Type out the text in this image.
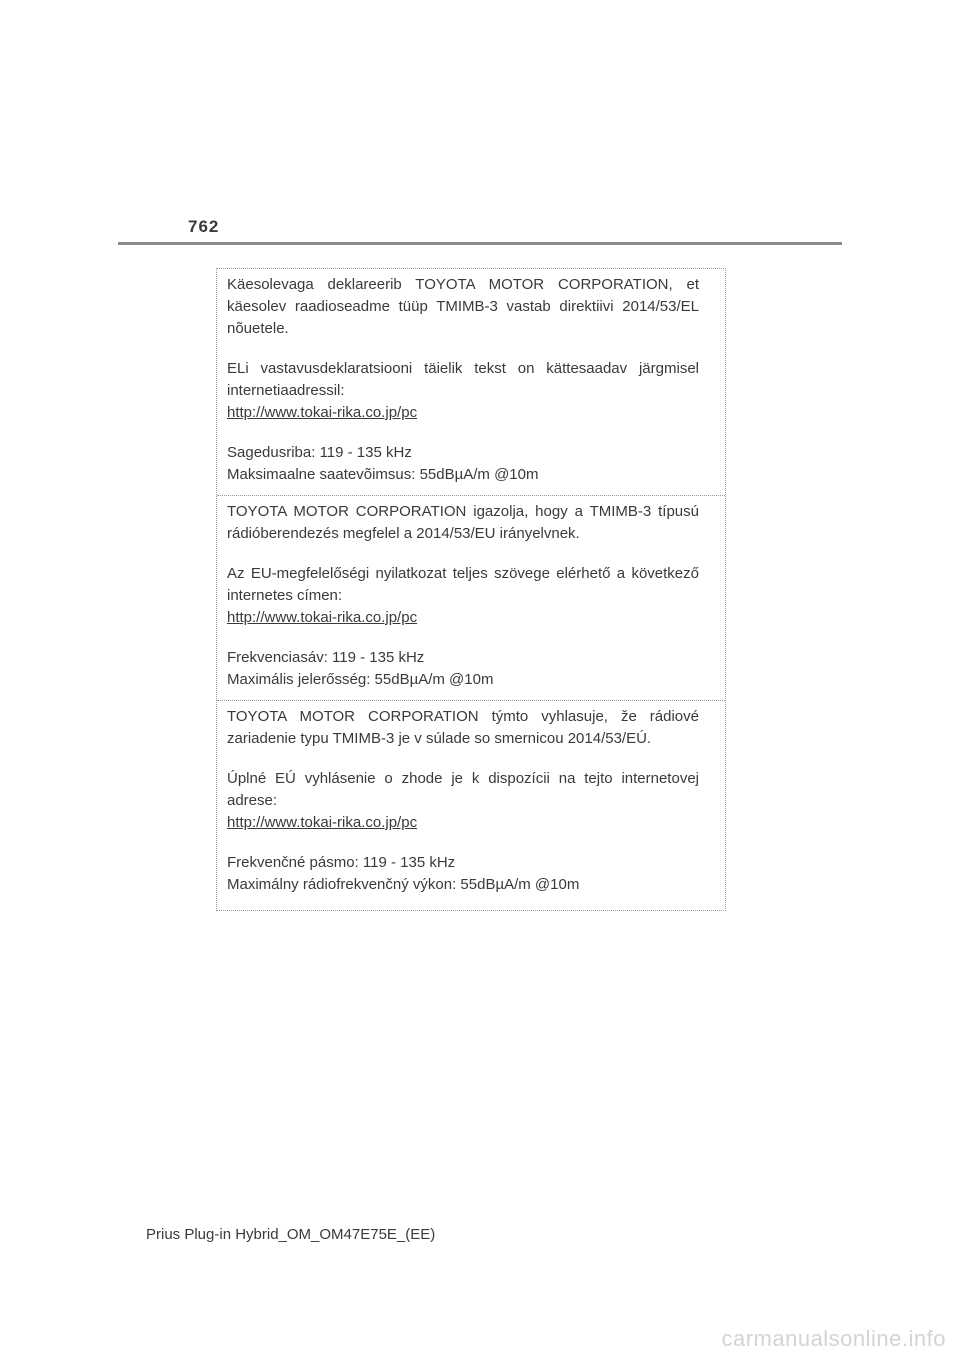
762

Käesolevaga deklareerib TOYOTA MOTOR CORPORATION, et käesolev raadioseadme tüüp TMIMB-3 vastab direktiivi 2014/53/EL nõuetele.

ELi vastavusdeklaratsiooni täielik tekst on kättesaadav järgmisel internetiaadressil:

http://www.tokai-rika.co.jp/pc
Sagedusriba: 119 - 135 kHz
Maksimaalne saatevõimsus: 55dBµA/m @10m

TOYOTA MOTOR CORPORATION igazolja, hogy a TMIMB-3 típusú rádióberendezés megfelel a 2014/53/EU irányelvnek.

Az EU-megfelelőségi nyilatkozat teljes szövege elérhető a következő internetes címen:

http://www.tokai-rika.co.jp/pc
Frekvenciasáv: 119 - 135 kHz
Maximális jelerősség: 55dBµA/m @10m

TOYOTA MOTOR CORPORATION týmto vyhlasuje, že rádiové zariadenie typu TMIMB-3 je v súlade so smernicou 2014/53/EÚ.

Úplné EÚ vyhlásenie o zhode je k dispozícii na tejto internetovej adrese:

http://www.tokai-rika.co.jp/pc
Frekvenčné pásmo: 119 - 135 kHz
Maximálny rádiofrekvenčný výkon: 55dBµA/m @10m
Prius Plug-in Hybrid_OM_OM47E75E_(EE)
carmanualsonline.info
